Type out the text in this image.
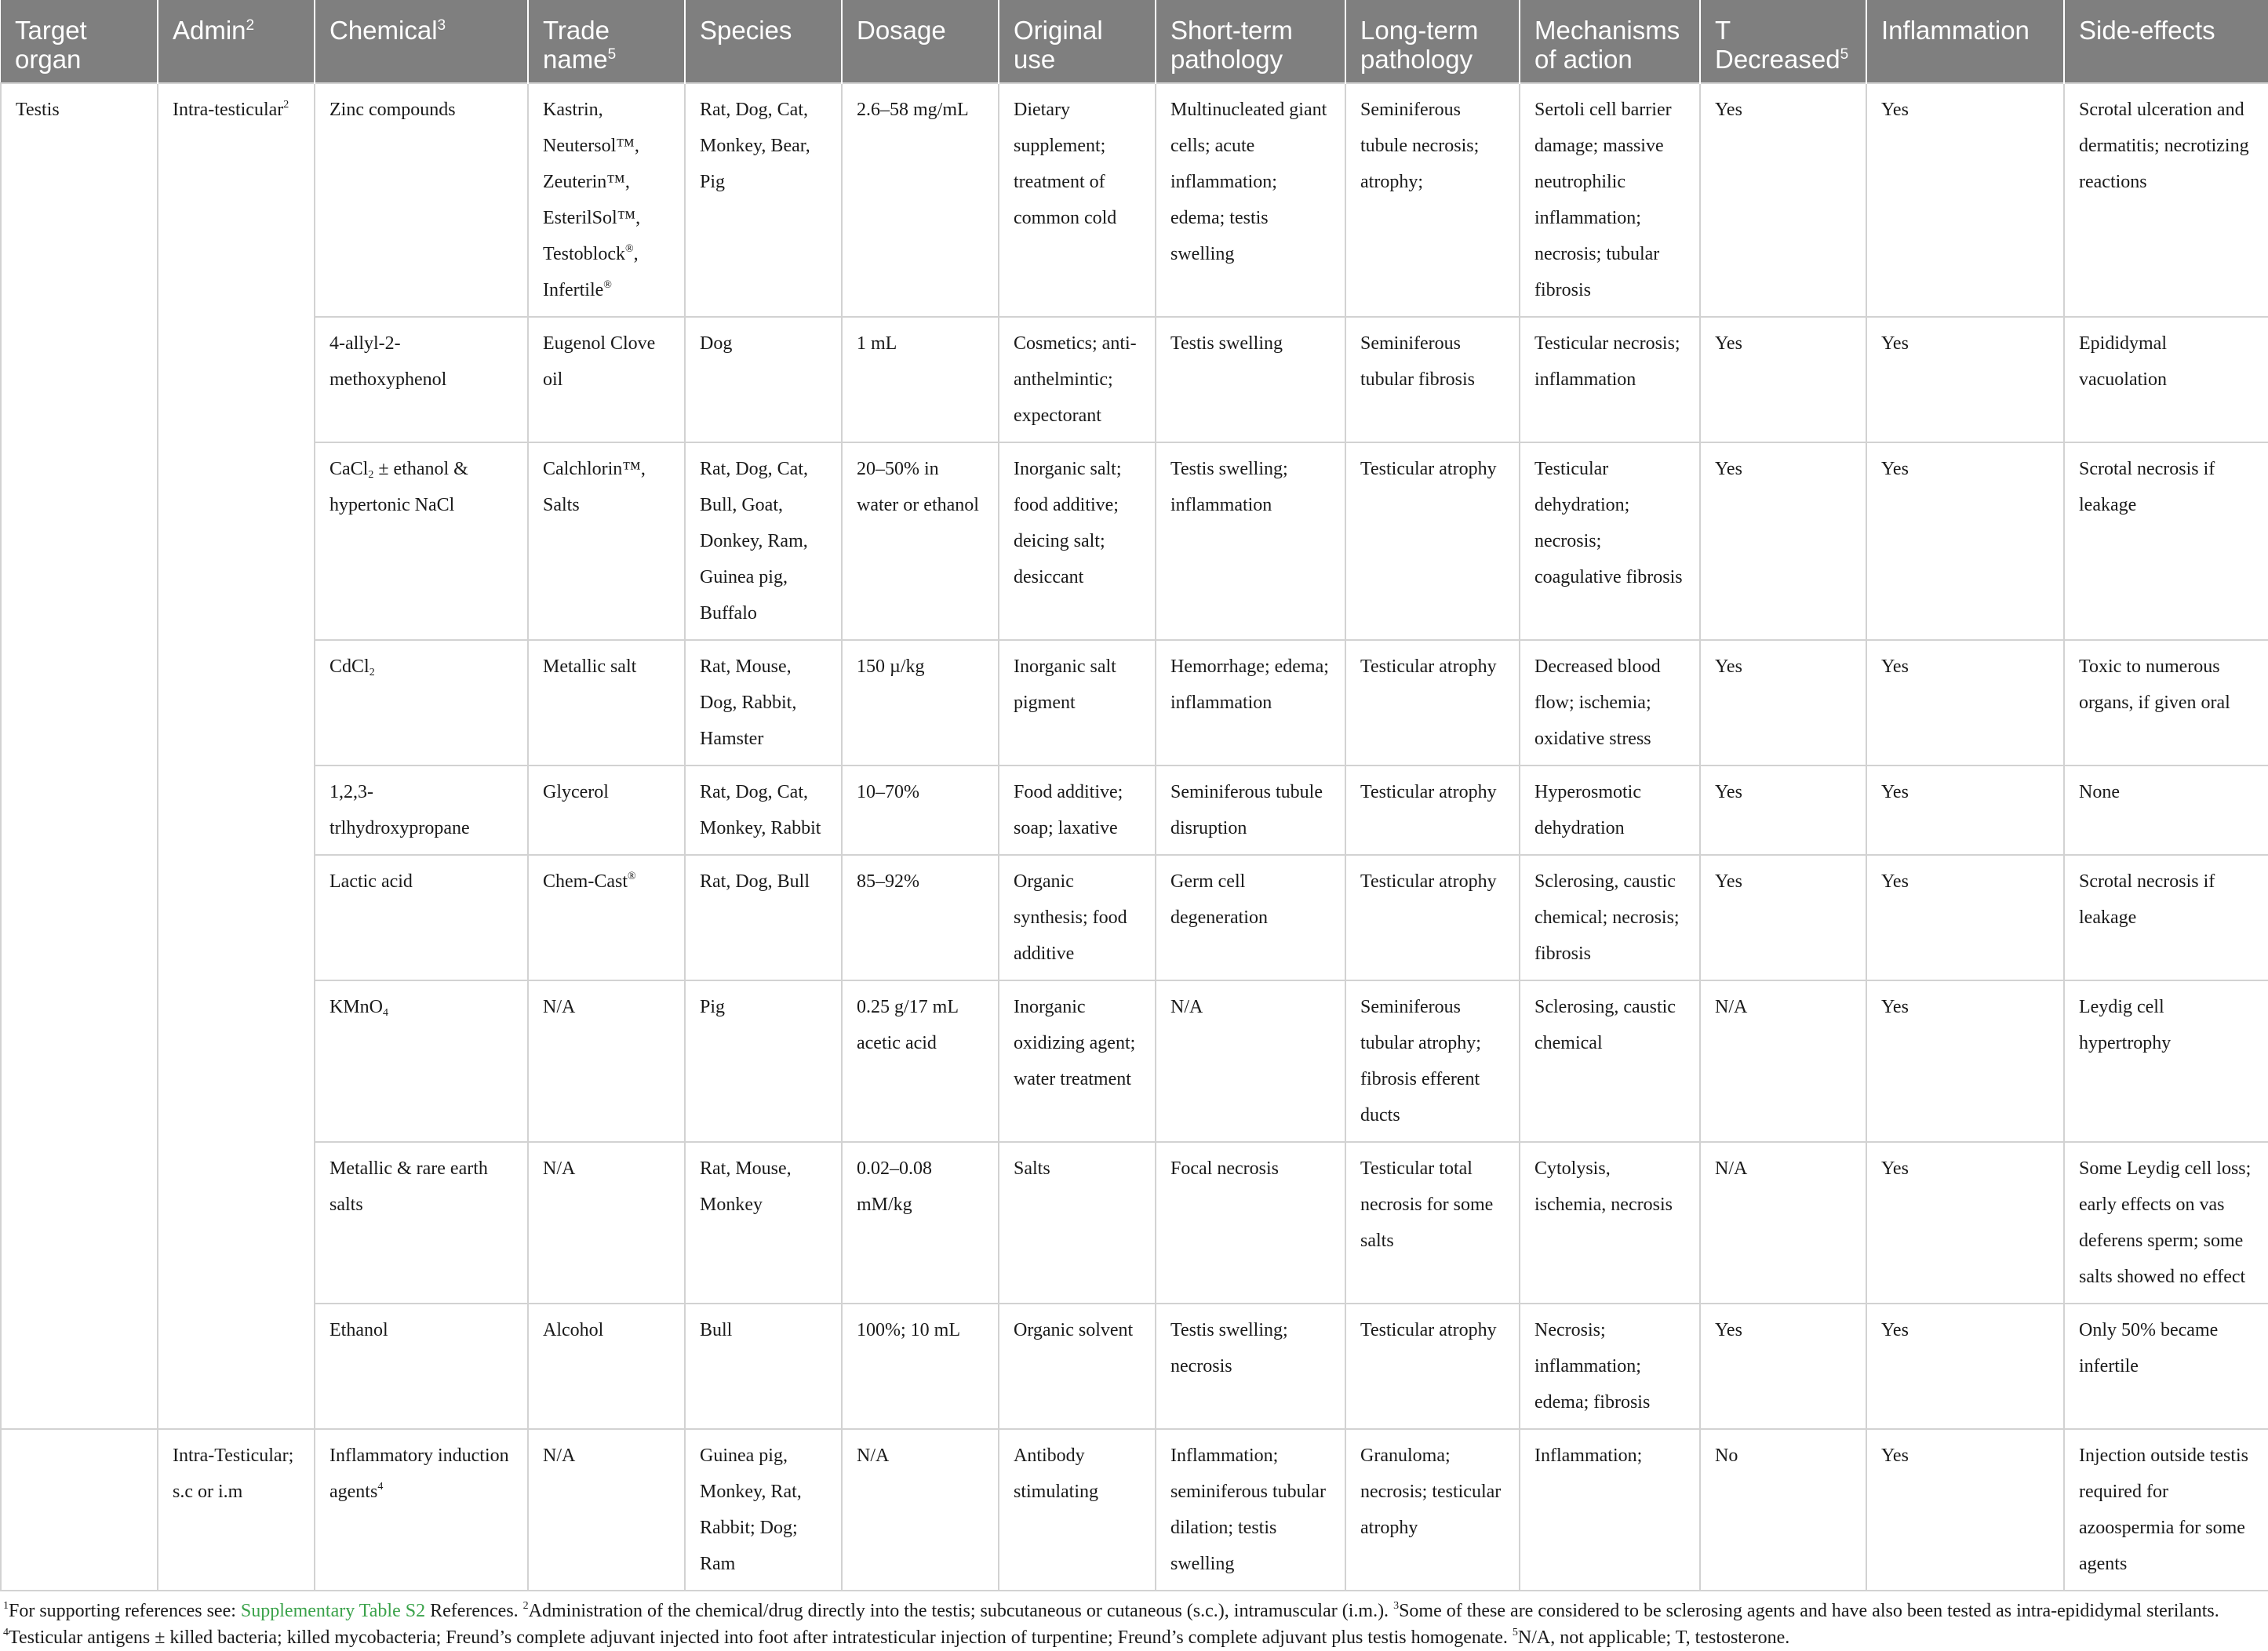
Target organ	Admin$^2$	Chemical$^3$	Trade name$^5$	Species	Dosage	Original use	Short-term pathology	Long-term pathology	Mechanisms of action	T Decreased$^5$	Inflammation	Side-effects
Testis	Intra-testicular$^2$	Zinc compounds	Kastrin, Neutersol™, Zeuterin™, EsterilSol™, Testoblock®, Infertile®	Rat, Dog, Cat, Monkey, Bear, Pig	2.6–58 mg/mL	Dietary supplement; treatment of common cold	Multinucleated giant cells; acute inflammation; edema; testis swelling	Seminiferous tubule necrosis; atrophy;	Sertoli cell barrier damage; massive neutrophilic inflammation; necrosis; tubular fibrosis	Yes	Yes	Scrotal ulceration and dermatitis; necrotizing reactions
		4-allyl-2-methoxyphenol	Eugenol Clove oil	Dog	1 mL	Cosmetics; anti-anthelmintic; expectorant	Testis swelling	Seminiferous tubular fibrosis	Testicular necrosis; inflammation	Yes	Yes	Epididymal vacuolation
		CaCl$_2$ ± ethanol & hypertonic NaCl	Calchlorin™, Salts	Rat, Dog, Cat, Bull, Goat, Donkey, Ram, Guinea pig, Buffalo	20–50% in water or ethanol	Inorganic salt; food additive; deicing salt; desiccant	Testis swelling; inflammation	Testicular atrophy	Testicular dehydration; necrosis; coagulative fibrosis	Yes	Yes	Scrotal necrosis if leakage
		CdCl$_2$	Metallic salt	Rat, Mouse, Dog, Rabbit, Hamster	150 µ/kg	Inorganic salt pigment	Hemorrhage; edema; inflammation	Testicular atrophy	Decreased blood flow; ischemia; oxidative stress	Yes	Yes	Toxic to numerous organs, if given oral
		1,2,3-trlhydroxypropane	Glycerol	Rat, Dog, Cat, Monkey, Rabbit	10–70%	Food additive; soap; laxative	Seminiferous tubule disruption	Testicular atrophy	Hyperosmotic dehydration	Yes	Yes	None
		Lactic acid	Chem-Cast®	Rat, Dog, Bull	85–92%	Organic synthesis; food additive	Germ cell degeneration	Testicular atrophy	Sclerosing, caustic chemical; necrosis; fibrosis	Yes	Yes	Scrotal necrosis if leakage
		KMnO$_4$	N/A	Pig	0.25 g/17 mL acetic acid	Inorganic oxidizing agent; water treatment	N/A	Seminiferous tubular atrophy; fibrosis efferent ducts	Sclerosing, caustic chemical	N/A	Yes	Leydig cell hypertrophy
		Metallic & rare earth salts	N/A	Rat, Mouse, Monkey	0.02–0.08 mM/kg	Salts	Focal necrosis	Testicular total necrosis for some salts	Cytolysis, ischemia, necrosis	N/A	Yes	Some Leydig cell loss; early effects on vas deferens sperm; some salts showed no effect
		Ethanol	Alcohol	Bull	100%; 10 mL	Organic solvent	Testis swelling; necrosis	Testicular atrophy	Necrosis; inflammation; edema; fibrosis	Yes	Yes	Only 50% became infertile
	Intra-Testicular; s.c or i.m	Inflammatory induction agents$^4$	N/A	Guinea pig, Monkey, Rat, Rabbit; Dog; Ram	N/A	Antibody stimulating	Inflammation; seminiferous tubular dilation; testis swelling	Granuloma; necrosis; testicular atrophy	Inflammation;	No	Yes	Injection outside testis required for azoospermia for some agents
$^1$For supporting references see: Supplementary Table S2 References. $^2$Administration of the chemical/drug directly into the testis; subcutaneous or cutaneous (s.c.), intramuscular (i.m.). $^3$Some of these are considered to be sclerosing agents and have also been tested as intra-epididymal sterilants. $^4$Testicular antigens ± killed bacteria; killed mycobacteria; Freund’s complete adjuvant injected into foot after intratesticular injection of turpentine; Freund’s complete adjuvant plus testis homogenate. $^5$N/A, not applicable; T, testosterone.
